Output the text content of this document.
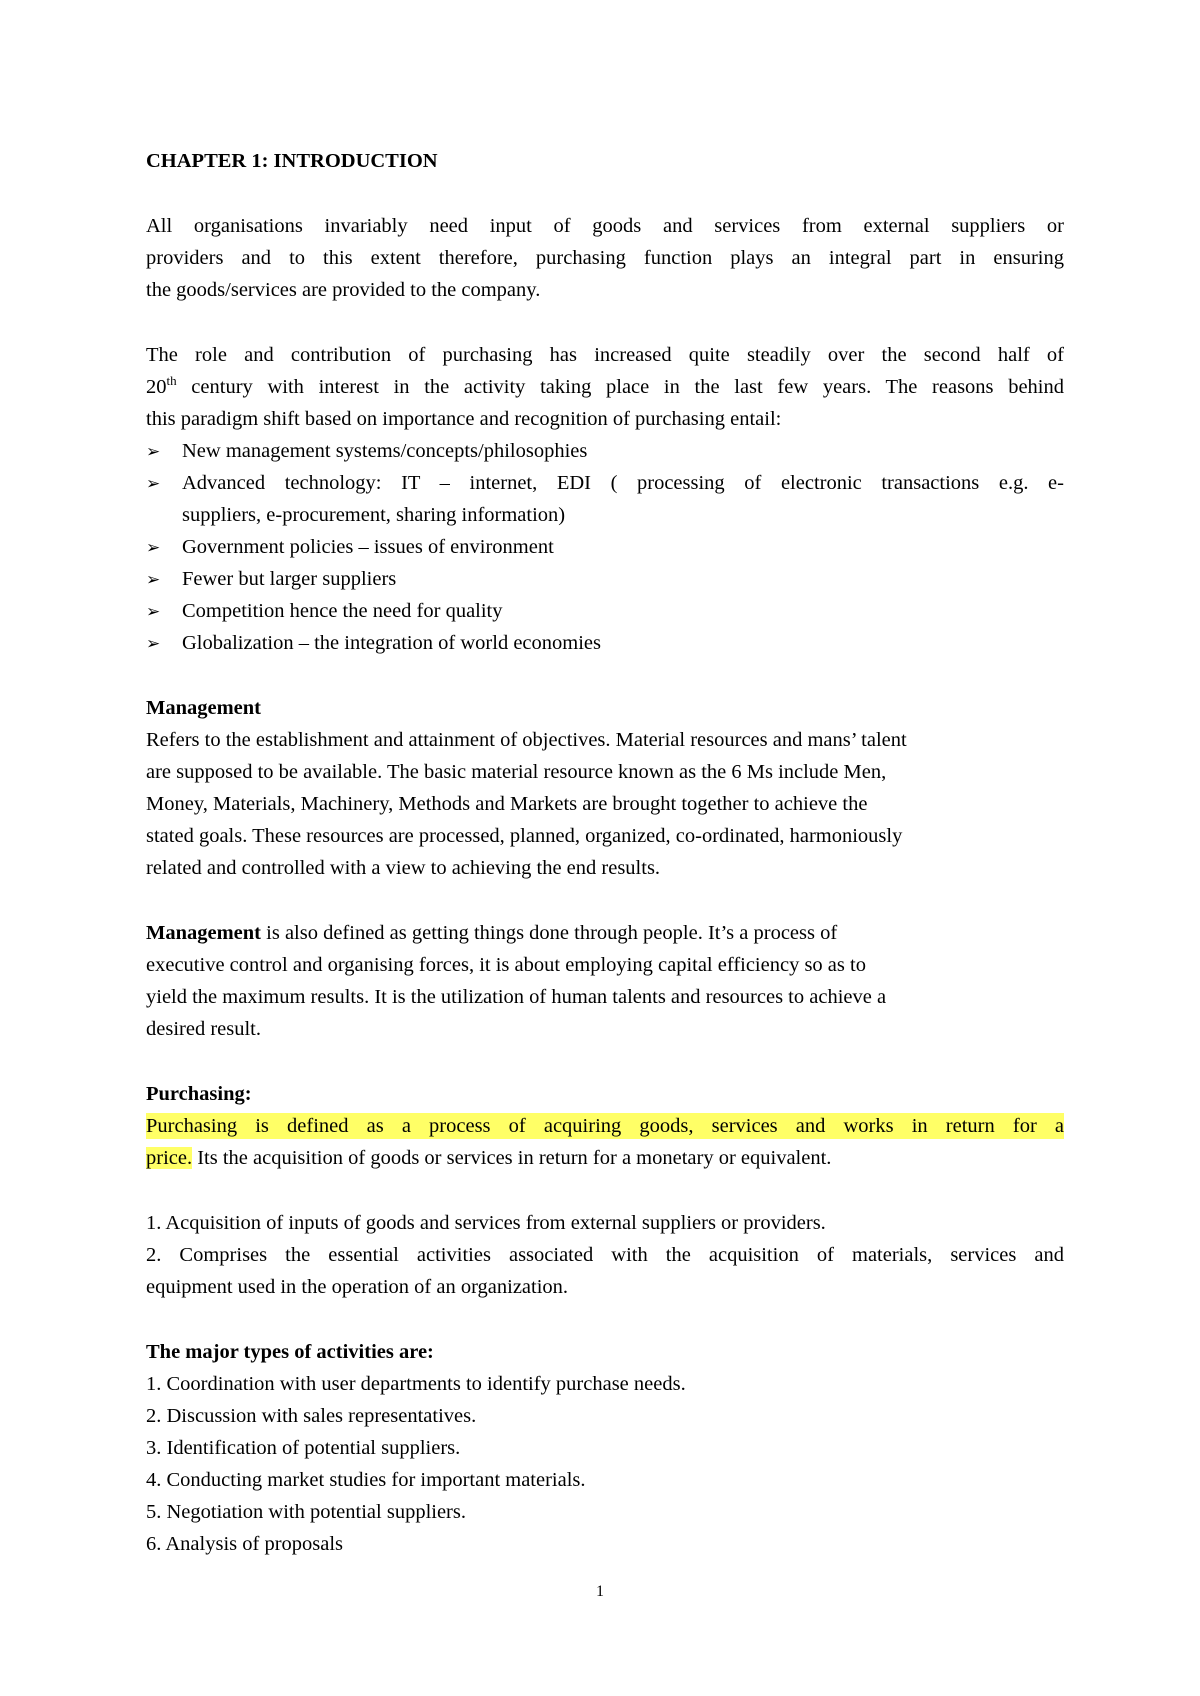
CHAPTER 1: INTRODUCTION
All organisations invariably need input of goods and services from external suppliers or
providers and to this extent therefore, purchasing function plays an integral part in ensuring
the goods/services are provided to the company.
The role and contribution of purchasing has increased quite steadily over the second half of
20th century with interest in the activity taking place in the last few years. The reasons behind
this paradigm shift based on importance and recognition of purchasing entail:
➢ New management systems/concepts/philosophies
➢ Advanced technology: IT – internet, EDI ( processing of electronic transactions e.g. e-
suppliers, e-procurement, sharing information)
➢ Government policies – issues of environment
➢ Fewer but larger suppliers
➢ Competition hence the need for quality
➢ Globalization – the integration of world economies
Management
Refers to the establishment and attainment of objectives. Material resources and mans’ talent
are supposed to be available. The basic material resource known as the 6 Ms include Men,
Money, Materials, Machinery, Methods and Markets are brought together to achieve the
stated goals. These resources are processed, planned, organized, co-ordinated, harmoniously
related and controlled with a view to achieving the end results.
Management is also defined as getting things done through people. It’s a process of
executive control and organising forces, it is about employing capital efficiency so as to
yield the maximum results. It is the utilization of human talents and resources to achieve a
desired result.
Purchasing:
Purchasing is defined as a process of acquiring goods, services and works in return for a
price. Its the acquisition of goods or services in return for a monetary or equivalent.
1. Acquisition of inputs of goods and services from external suppliers or providers.
2. Comprises the essential activities associated with the acquisition of materials, services and
equipment used in the operation of an organization.
The major types of activities are:
1. Coordination with user departments to identify purchase needs.
2. Discussion with sales representatives.
3. Identification of potential suppliers.
4. Conducting market studies for important materials.
5. Negotiation with potential suppliers.
6. Analysis of proposals
1
